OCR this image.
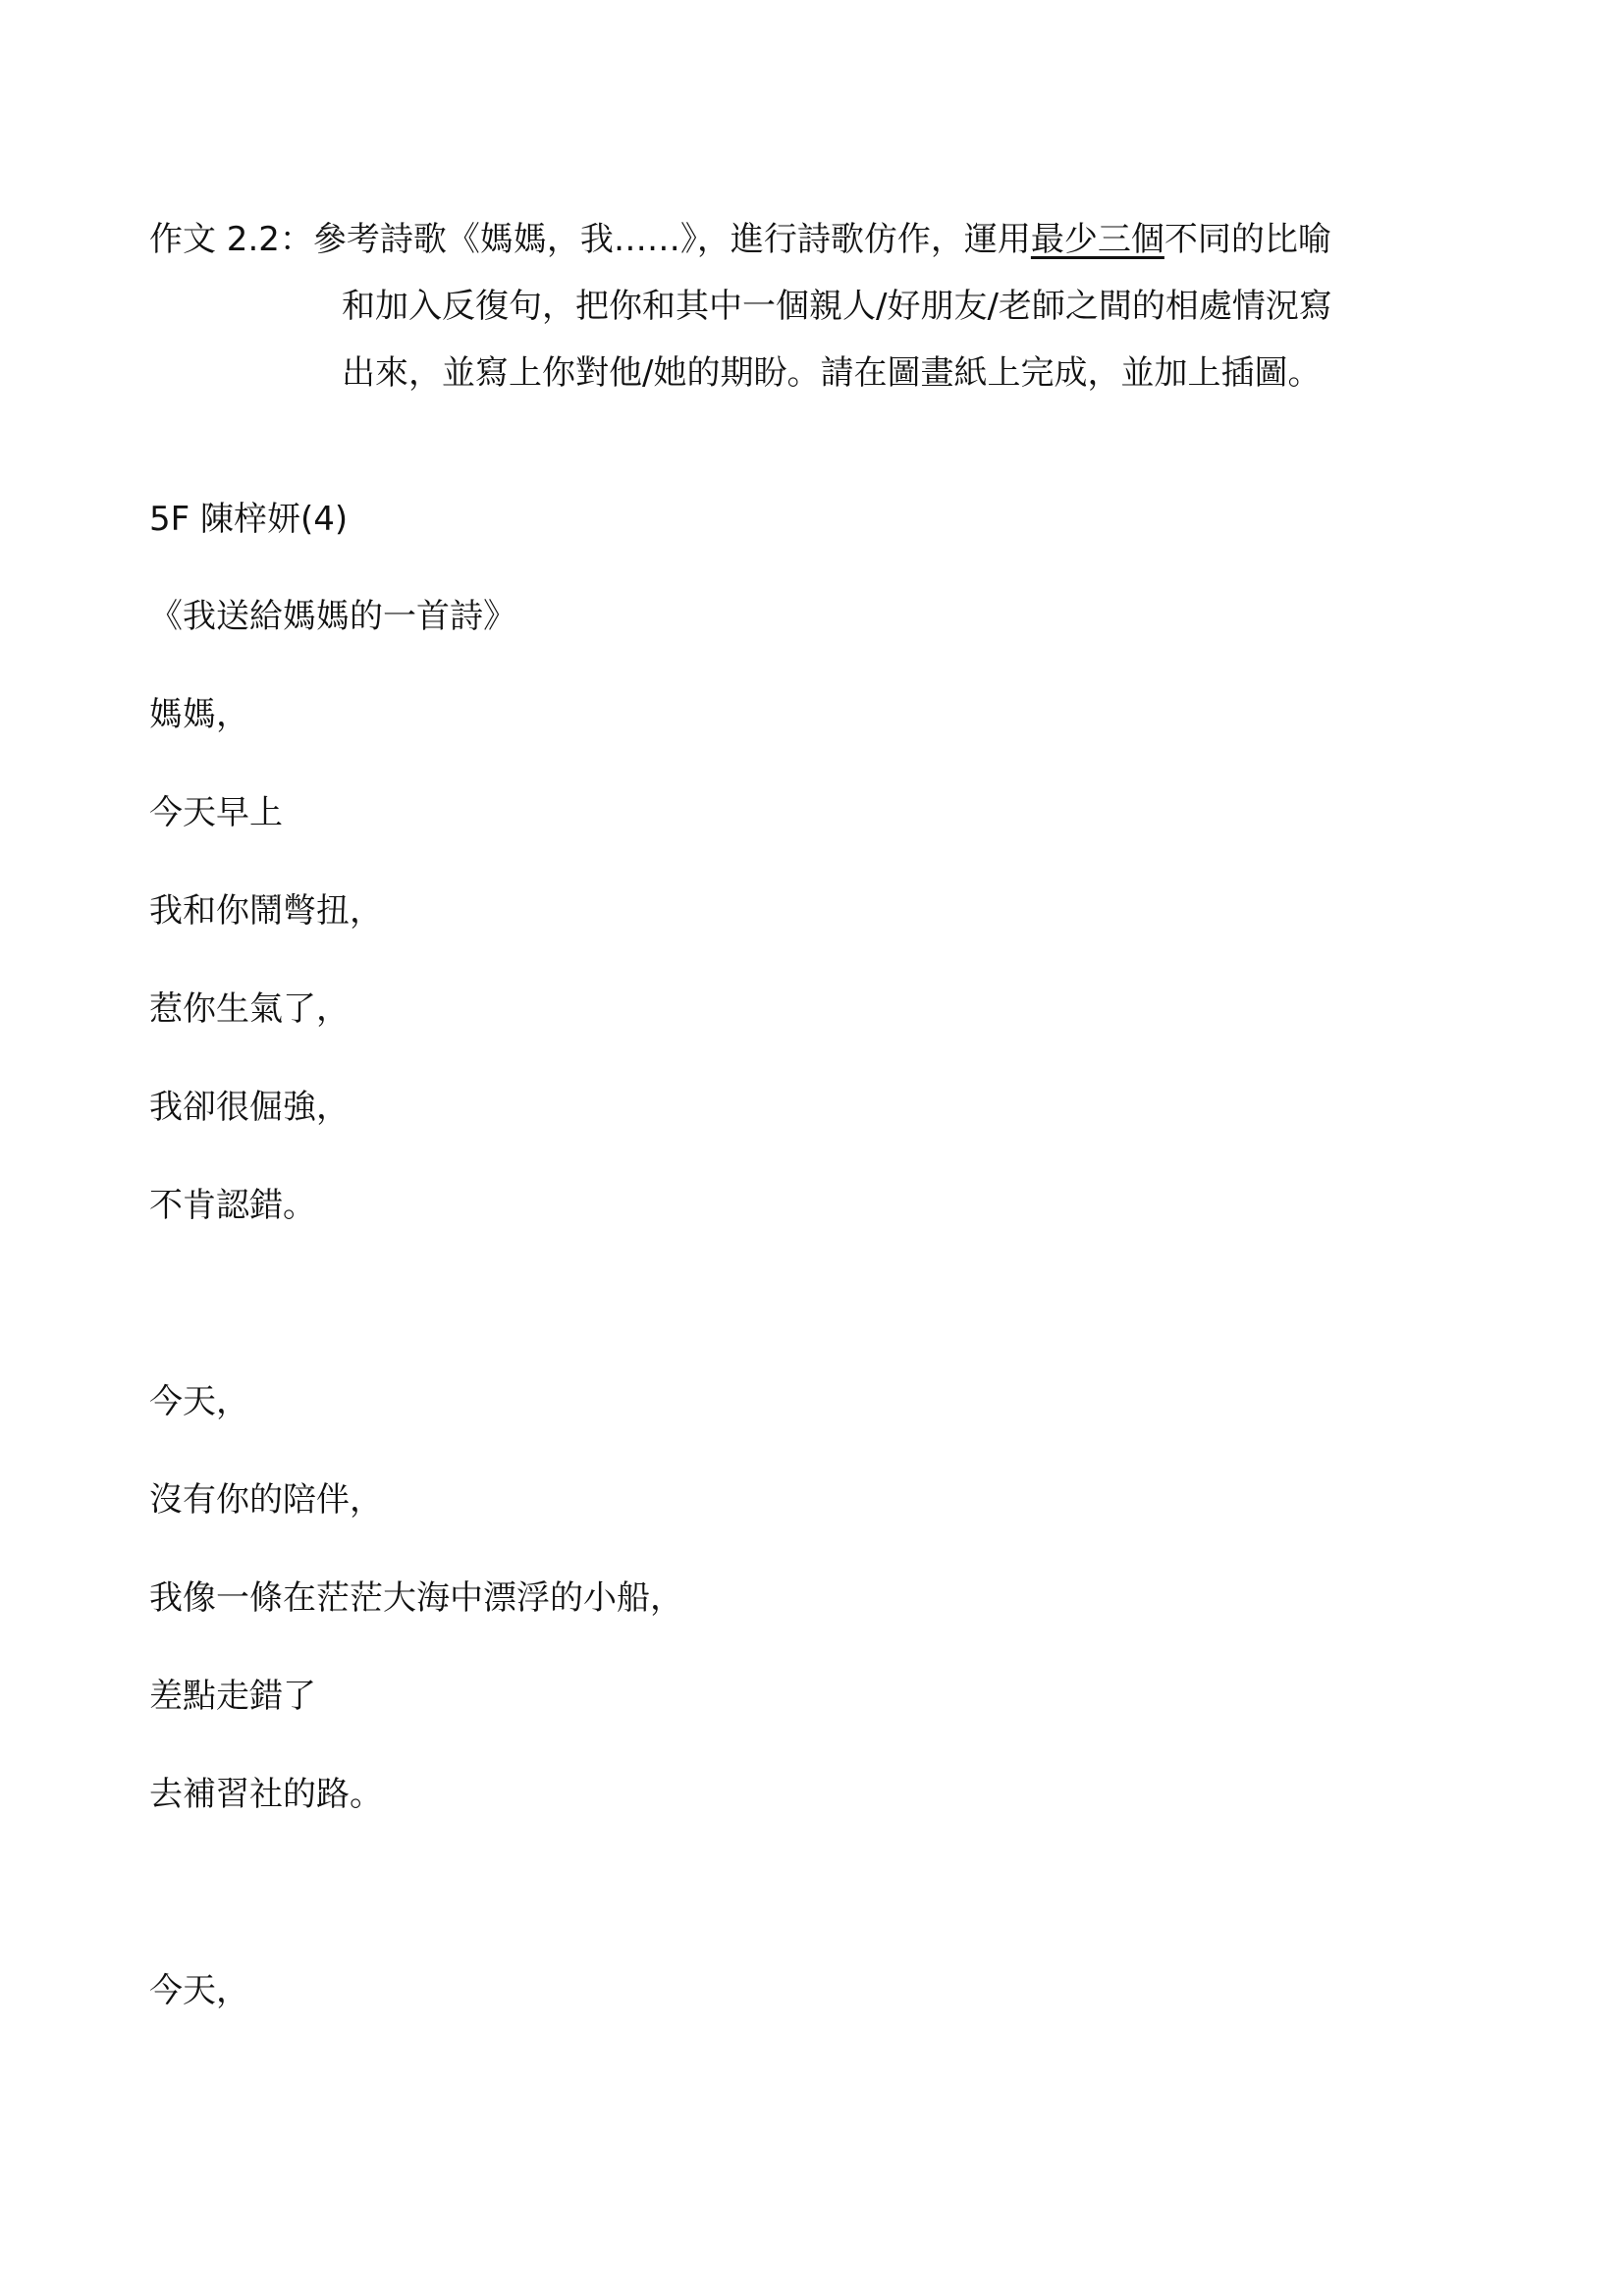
作文 2.2：參考詩歌《媽媽，我……》，進行詩歌仿作，運用最少三個不同的比喻
和加入反復句，把你和其中一個親人/好朋友/老師之間的相處情況寫
出來，並寫上你對他/她的期盼。請在圖畫紙上完成，並加上插圖。
5F 陳梓妍(4)
《我送給媽媽的一首詩》
媽媽，
今天早上
我和你鬧彆扭，
惹你生氣了，
我卻很倔強，
不肯認錯。
今天，
沒有你的陪伴，
我像一條在茫茫大海中漂浮的小船，
差點走錯了
去補習社的路。
今天，
